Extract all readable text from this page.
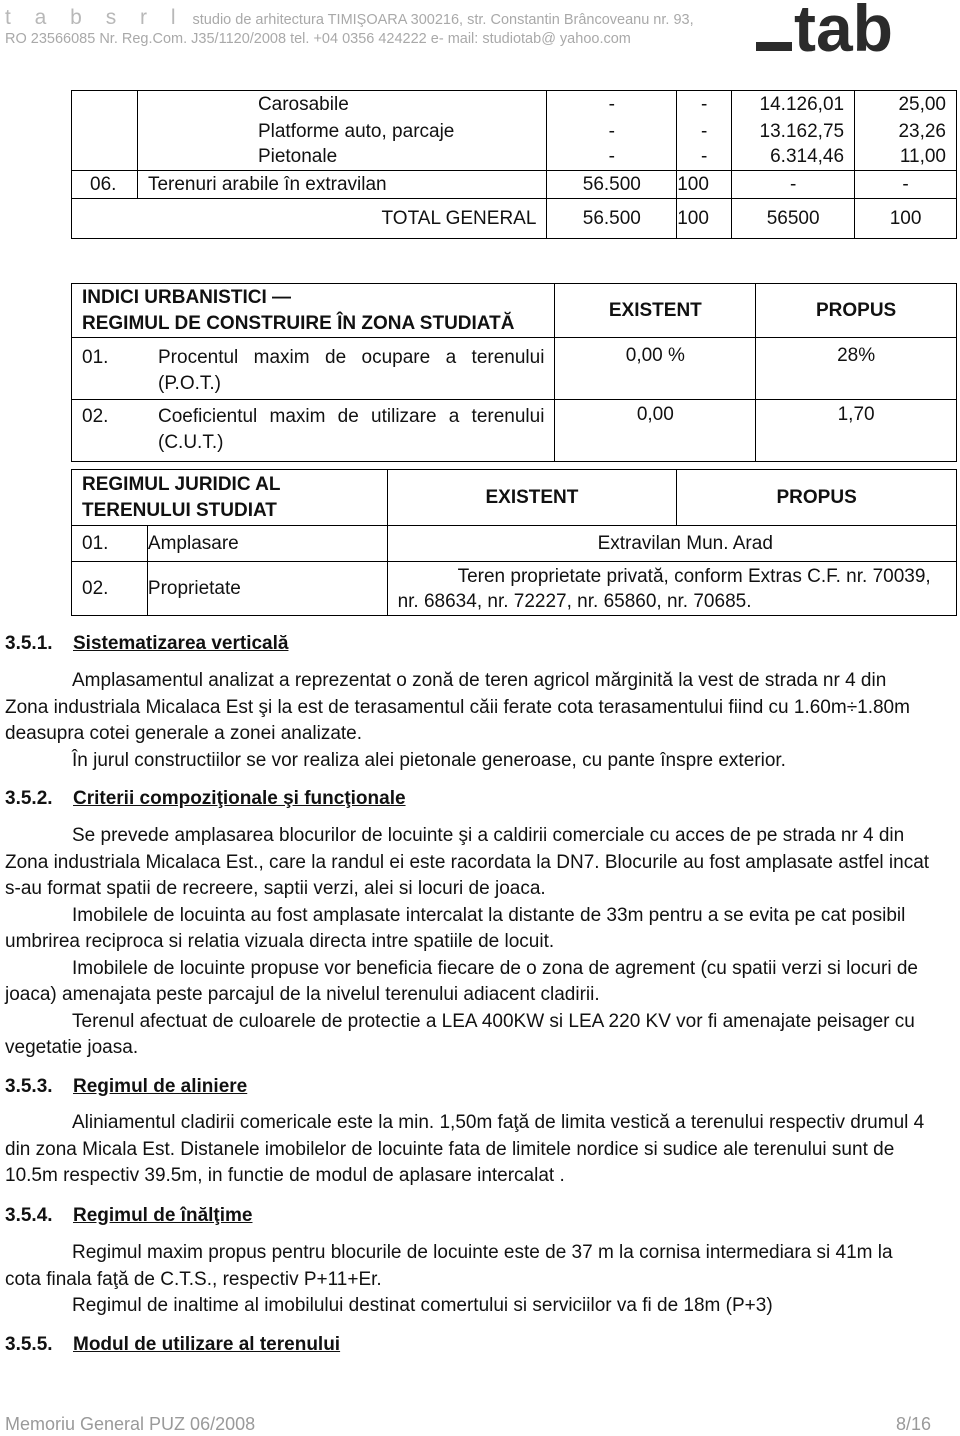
t a b s r l studio de arhitectura TIMIŞOARA 300216, str. Constantin Brâncoveanu nr. 93,
RO 23566085 Nr. Reg.Com. J35/1120/2008 tel. +04 0356 424222 e- mail: studiotab@ yahoo.com tab
	Carosabile	-	-	14.126,01	25,00
	Platforme auto, parcaje	-	-	13.162,75	23,26
	Pietonale	-	-	6.314,46	11,00
06.	Terenuri arabile în extravilan	56.500	100	-	-
TOTAL GENERAL		56.500	100	56500	100
INDICI URBANISTICI —
REGIMUL DE CONSTRUIRE ÎN ZONA STUDIATĂ	EXISTENT	PROPUS

01. Procentul maxim de ocupare a terenului (P.O.T.)	0,00 %	28%

02. Coeficientul maxim de utilizare a terenului (C.U.T.)	0,00	1,70
REGIMUL JURIDIC AL
TERENULUI STUDIAT		EXISTENT	PROPUS
01.	Amplasare	Extravilan Mun. Arad	
02.	Proprietate	Teren proprietate privată, conform Extras C.F. nr. 70039,
nr. 68634, nr. 72227, nr. 65860, nr. 70685.	
3.5.1. Sistematizarea verticală
Amplasamentul analizat a reprezentat o zonă de teren agricol mărginită la vest de strada nr 4 din Zona industriala Micalaca Est şi la est de terasamentul căii ferate cota terasamentului fiind cu 1.60m÷1.80m deasupra cotei generale a zonei analizate.
În jurul constructiilor se vor realiza alei pietonale generoase, cu pante înspre exterior.
3.5.2. Criterii compoziţionale şi funcţionale
Se prevede amplasarea blocurilor de locuinte şi a caldirii comerciale cu acces de pe strada nr 4 din Zona industriala Micalaca Est., care la randul ei este racordata la DN7. Blocurile au fost amplasate astfel incat s-au format spatii de recreere, saptii verzi, alei si locuri de joaca.
Imobilele de locuinta au fost amplasate intercalat la distante de 33m pentru a se evita pe cat posibil umbrirea reciproca si relatia vizuala directa intre spatiile de locuit.
Imobilele de locuinte propuse vor beneficia fiecare de o zona de agrement (cu spatii verzi si locuri de joaca) amenajata peste parcajul de la nivelul terenului adiacent cladirii.
Terenul afectuat de culoarele de protectie a LEA 400KW si LEA 220 KV vor fi amenajate peisager cu vegetatie joasa.
3.5.3. Regimul de aliniere
Aliniamentul cladirii comericale este la min. 1,50m faţă de limita vestică a terenului respectiv drumul 4 din zona Micala Est. Distanele imobilelor de locuinte fata de limitele nordice si sudice ale terenului sunt de 10.5m respectiv 39.5m, in functie de modul de aplasare intercalat .
3.5.4. Regimul de înălţime
Regimul maxim propus pentru blocurile de locuinte este de 37 m la cornisa intermediara si 41m la cota finala faţă de C.T.S., respectiv P+11+Er.
Regimul de inaltime al imobilului destinat comertului si serviciilor va fi de 18m (P+3)
3.5.5. Modul de utilizare al terenului
Memoriu General PUZ 06/2008	8/16
